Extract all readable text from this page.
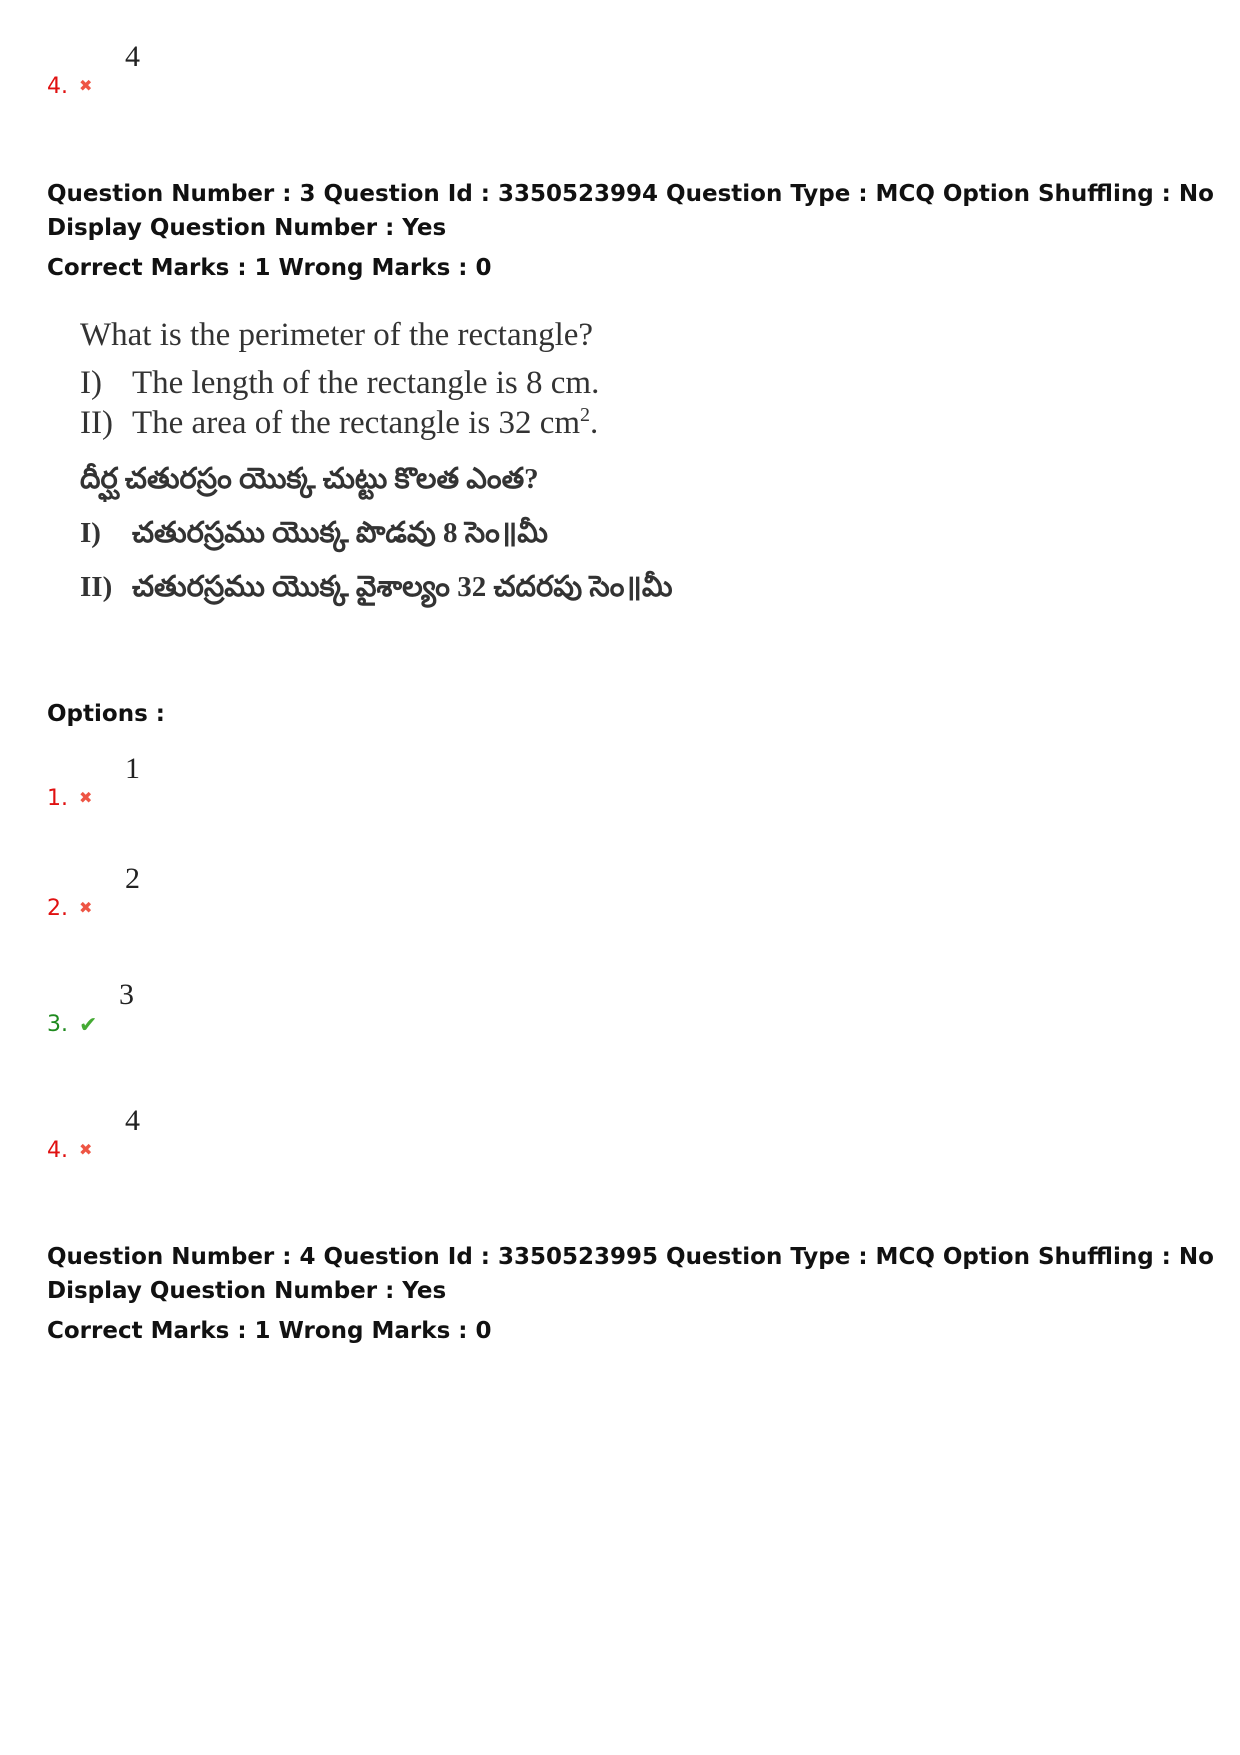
4. ✖
4
Question Number : 3 Question Id : 3350523994 Question Type : MCQ Option Shuffling : No
Display Question Number : Yes
Correct Marks : 1 Wrong Marks : 0

What is the perimeter of the rectangle?

I) The length of the rectangle is 8 cm.

II) The area of the rectangle is 32 $cm^2$.

దీర్ఘ చతురస్రం యొక్క చుట్టు కొలత ఎంత?

I) చతురస్రము యొక్క పొడవు 8 సెం॥మీ

II) చతురస్రము యొక్క వైశాల్యం 32 చదరపు సెం॥మీ

Options :
1. ✖
1
2. ✖
2
3. ✔
3
4. ✖
4
Question Number : 4 Question Id : 3350523995 Question Type : MCQ Option Shuffling : No
Display Question Number : Yes
Correct Marks : 1 Wrong Marks : 0
